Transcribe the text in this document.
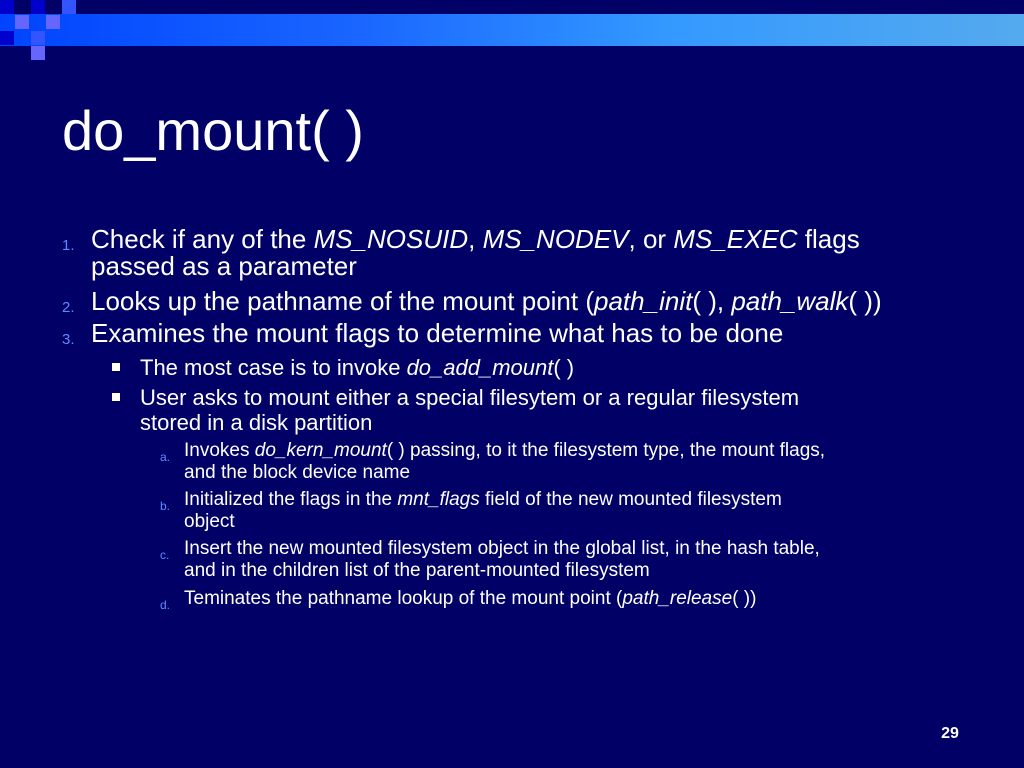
do_mount( )
1. Check if any of the MS_NOSUID, MS_NODEV, or MS_EXEC flags
passed as a parameter
2. Looks up the pathname of the mount point (path_init( ), path_walk( ))
3. Examines the mount flags to determine what has to be done
The most case is to invoke do_add_mount( )
User asks to mount either a special filesytem or a regular filesystem
stored in a disk partition
a. Invokes do_kern_mount( ) passing, to it the filesystem type, the mount flags,
and the block device name
b. Initialized the flags in the mnt_flags field of the new mounted filesystem
object
c. Insert the new mounted filesystem object in the global list, in the hash table,
and in the children list of the parent-mounted filesystem
d. Teminates the pathname lookup of the mount point (path_release( ))
29
